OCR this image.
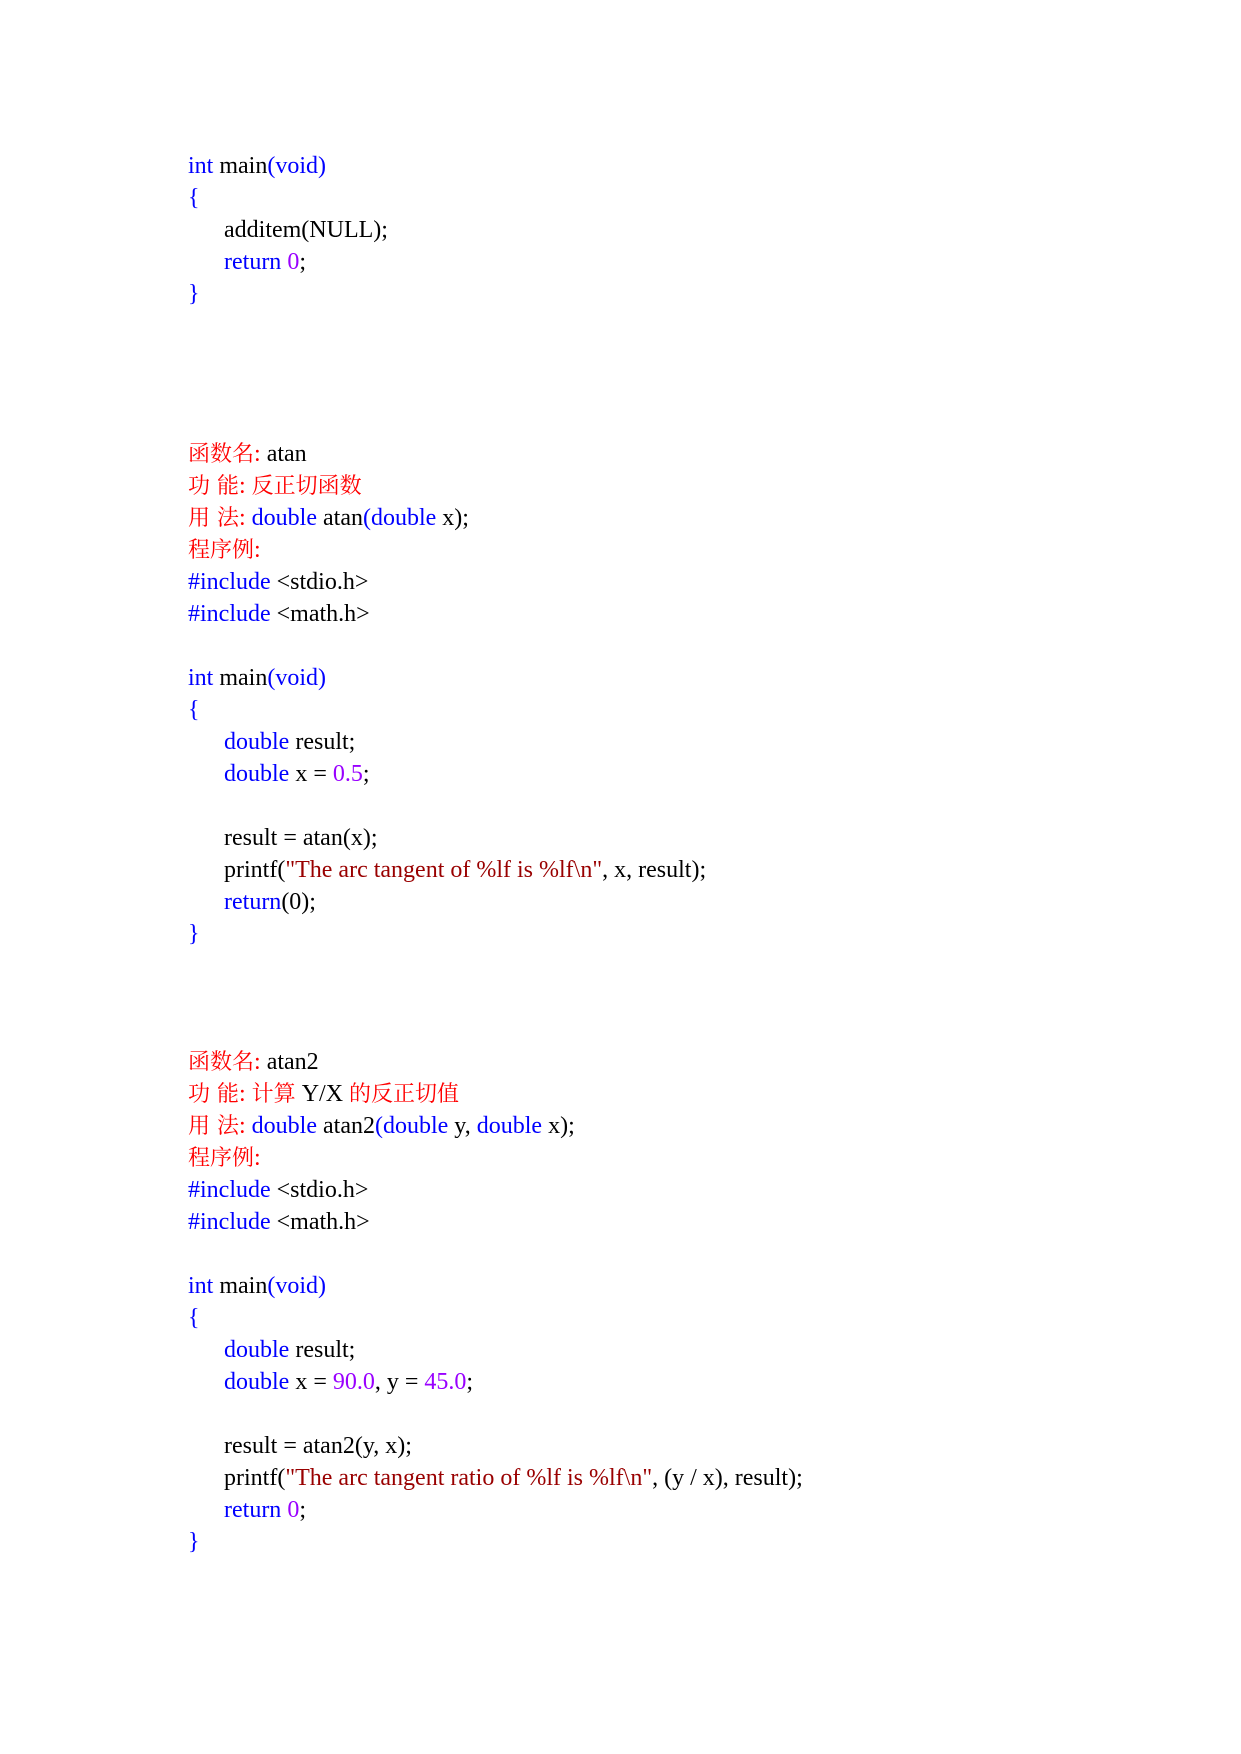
int main(void)
{
additem(NULL);
return 0;
}
函数名: atan
功 能: 反正切函数
用 法: double atan(double x);
程序例:
#include <stdio.h>
#include <math.h>
int main(void)
{
double result;
double x = 0.5;
result = atan(x);
printf("The arc tangent of %lf is %lf\n", x, result);
return(0);
}
函数名: atan2
功 能: 计算 Y/X 的反正切值
用 法: double atan2(double y, double x);
程序例:
#include <stdio.h>
#include <math.h>
int main(void)
{
double result;
double x = 90.0, y = 45.0;
result = atan2(y, x);
printf("The arc tangent ratio of %lf is %lf\n", (y / x), result);
return 0;
}
